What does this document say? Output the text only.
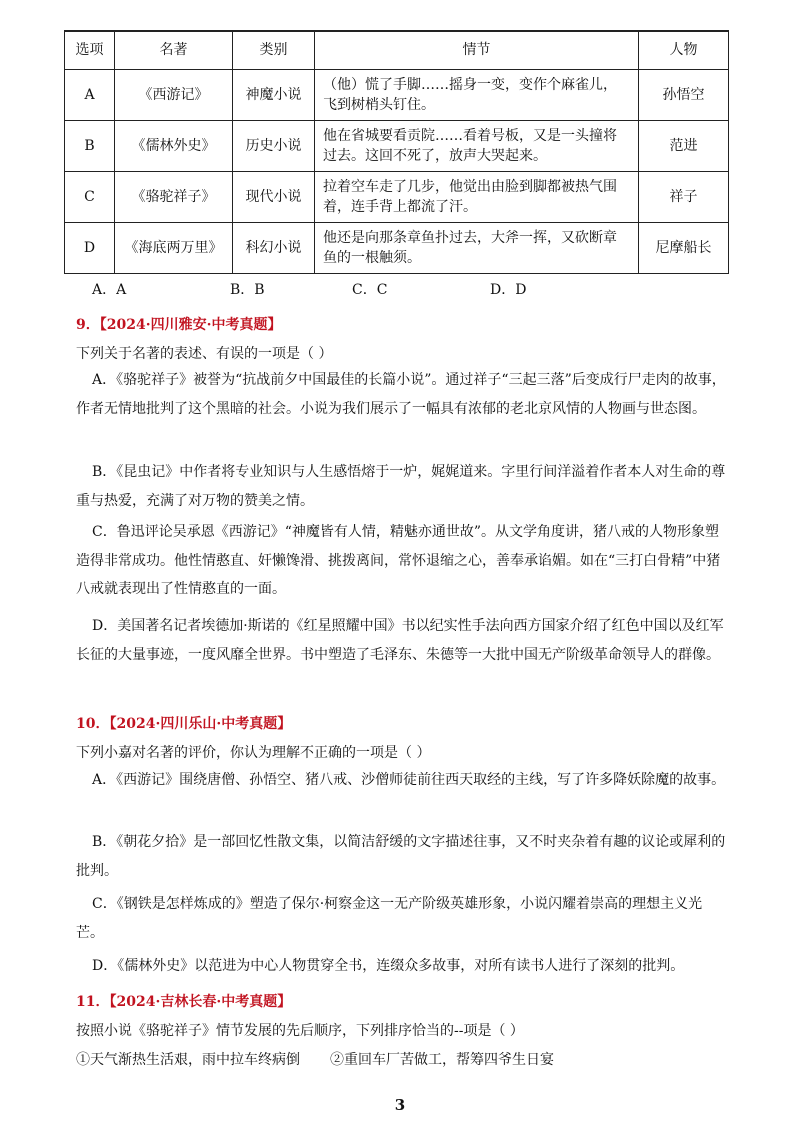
选项	名著	类别	情节	人物
A	《西游记》	神魔小说	（他）慌了手脚……摇身一变，变作个麻雀儿，飞到树梢头钉住。	孙悟空
B	《儒林外史》	历史小说	他在省城要看贡院……看着号板，又是一头撞将过去。这回不死了，放声大哭起来。	范进
C	《骆驼祥子》	现代小说	拉着空车走了几步，他觉出由脸到脚都被热气围着，连手背上都流了汗。	祥子
D	《海底两万里》	科幻小说	他还是向那条章鱼扑过去，大斧一挥，又砍断章鱼的一根触须。	尼摩船长
A．A	B．B	C．C	D．D
9．【2024·四川雅安·中考真题】
下列关于名著的表述、有误的一项是（ ）

A．《骆驼祥子》被誉为“抗战前夕中国最佳的长篇小说”。通过祥子“三起三落”后变成行尸走肉的故事，作者无情地批判了这个黑暗的社会。小说为我们展示了一幅具有浓郁的老北京风情的人物画与世态图。

B．《昆虫记》中作者将专业知识与人生感悟熔于一炉，娓娓道来。字里行间洋溢着作者本人对生命的尊重与热爱，充满了对万物的赞美之情。

C．鲁迅评论吴承恩《西游记》“神魔皆有人情，精魅亦通世故”。从文学角度讲，猪八戒的人物形象塑造得非常成功。他性情憨直、奸懒馋滑、挑拨离间，常怀退缩之心，善奉承谄媚。如在“三打白骨精”中猪八戒就表现出了性情憨直的一面。

D．美国著名记者埃德加·斯诺的《红星照耀中国》书以纪实性手法向西方国家介绍了红色中国以及红军长征的大量事迹，一度风靡全世界。书中塑造了毛泽东、朱德等一大批中国无产阶级革命领导人的群像。

10．【2024·四川乐山·中考真题】
下列小嘉对名著的评价，你认为理解不正确的一项是（ ）

A．《西游记》围绕唐僧、孙悟空、猪八戒、沙僧师徒前往西天取经的主线，写了许多降妖除魔的故事。

B．《朝花夕拾》是一部回忆性散文集，以简洁舒缓的文字描述往事，又不时夹杂着有趣的议论或犀利的批判。

C．《钢铁是怎样炼成的》塑造了保尔·柯察金这一无产阶级英雄形象，小说闪耀着崇高的理想主义光芒。

D．《儒林外史》以范进为中心人物贯穿全书，连缀众多故事，对所有读书人进行了深刻的批判。

11．【2024·吉林长春·中考真题】
按照小说《骆驼祥子》情节发展的先后顺序，下列排序恰当的--项是（ ）
①天气渐热生活艰，雨中拉车终病倒 ②重回车厂苦做工，帮筹四爷生日宴
3
